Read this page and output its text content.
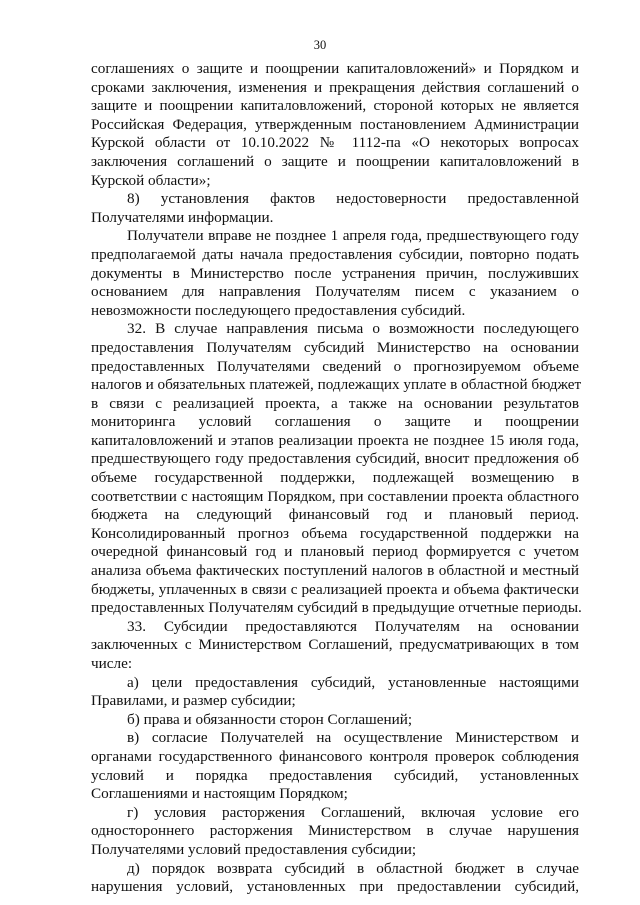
30
соглашениях о защите и поощрении капиталовложений» и Порядком и
сроками заключения, изменения и прекращения действия соглашений о
защите и поощрении капиталовложений, стороной которых не является
Российская Федерация, утвержденным постановлением Администрации
Курской области от 10.10.2022 № 1112-па «О некоторых вопросах
заключения соглашений о защите и поощрении капиталовложений в
Курской области»;
8) установления фактов недостоверности предоставленной
Получателями информации.
Получатели вправе не позднее 1 апреля года, предшествующего году
предполагаемой даты начала предоставления субсидии, повторно подать
документы в Министерство после устранения причин, послуживших
основанием для направления Получателям писем с указанием о
невозможности последующего предоставления субсидий.
32. В случае направления письма о возможности последующего
предоставления Получателям субсидий Министерство на основании
предоставленных Получателями сведений о прогнозируемом объеме
налогов и обязательных платежей, подлежащих уплате в областной бюджет
в связи с реализацией проекта, а также на основании результатов
мониторинга условий соглашения о защите и поощрении
капиталовложений и этапов реализации проекта не позднее 15 июля года,
предшествующего году предоставления субсидий, вносит предложения об
объеме государственной поддержки, подлежащей возмещению в
соответствии с настоящим Порядком, при составлении проекта областного
бюджета на следующий финансовый год и плановый период.
Консолидированный прогноз объема государственной поддержки на
очередной финансовый год и плановый период формируется с учетом
анализа объема фактических поступлений налогов в областной и местный
бюджеты, уплаченных в связи с реализацией проекта и объема фактически
предоставленных Получателям субсидий в предыдущие отчетные периоды.
33. Субсидии предоставляются Получателям на основании
заключенных с Министерством Соглашений, предусматривающих в том
числе:
а) цели предоставления субсидий, установленные настоящими
Правилами, и размер субсидии;
б) права и обязанности сторон Соглашений;
в) согласие Получателей на осуществление Министерством и
органами государственного финансового контроля проверок соблюдения
условий и порядка предоставления субсидий, установленных
Соглашениями и настоящим Порядком;
г) условия расторжения Соглашений, включая условие его
одностороннего расторжения Министерством в случае нарушения
Получателями условий предоставления субсидии;
д) порядок возврата субсидий в областной бюджет в случае
нарушения условий, установленных при предоставлении субсидий,
